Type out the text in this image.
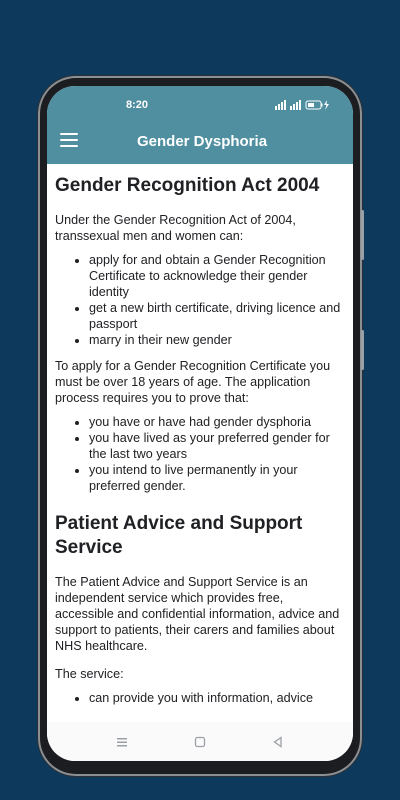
8:20
Gender Dysphoria
Gender Recognition Act 2004

Under the Gender Recognition Act of 2004, transsexual men and women can:

• apply for and obtain a Gender Recognition Certificate to acknowledge their gender identity
• get a new birth certificate, driving licence and passport
• marry in their new gender

To apply for a Gender Recognition Certificate you must be over 18 years of age. The application process requires you to prove that:

• you have or have had gender dysphoria
• you have lived as your preferred gender for the last two years
• you intend to live permanently in your preferred gender.
Patient Advice and Support Service

The Patient Advice and Support Service is an independent service which provides free, accessible and confidential information, advice and support to patients, their carers and families about NHS healthcare.

The service:

• can provide you with information, advice
